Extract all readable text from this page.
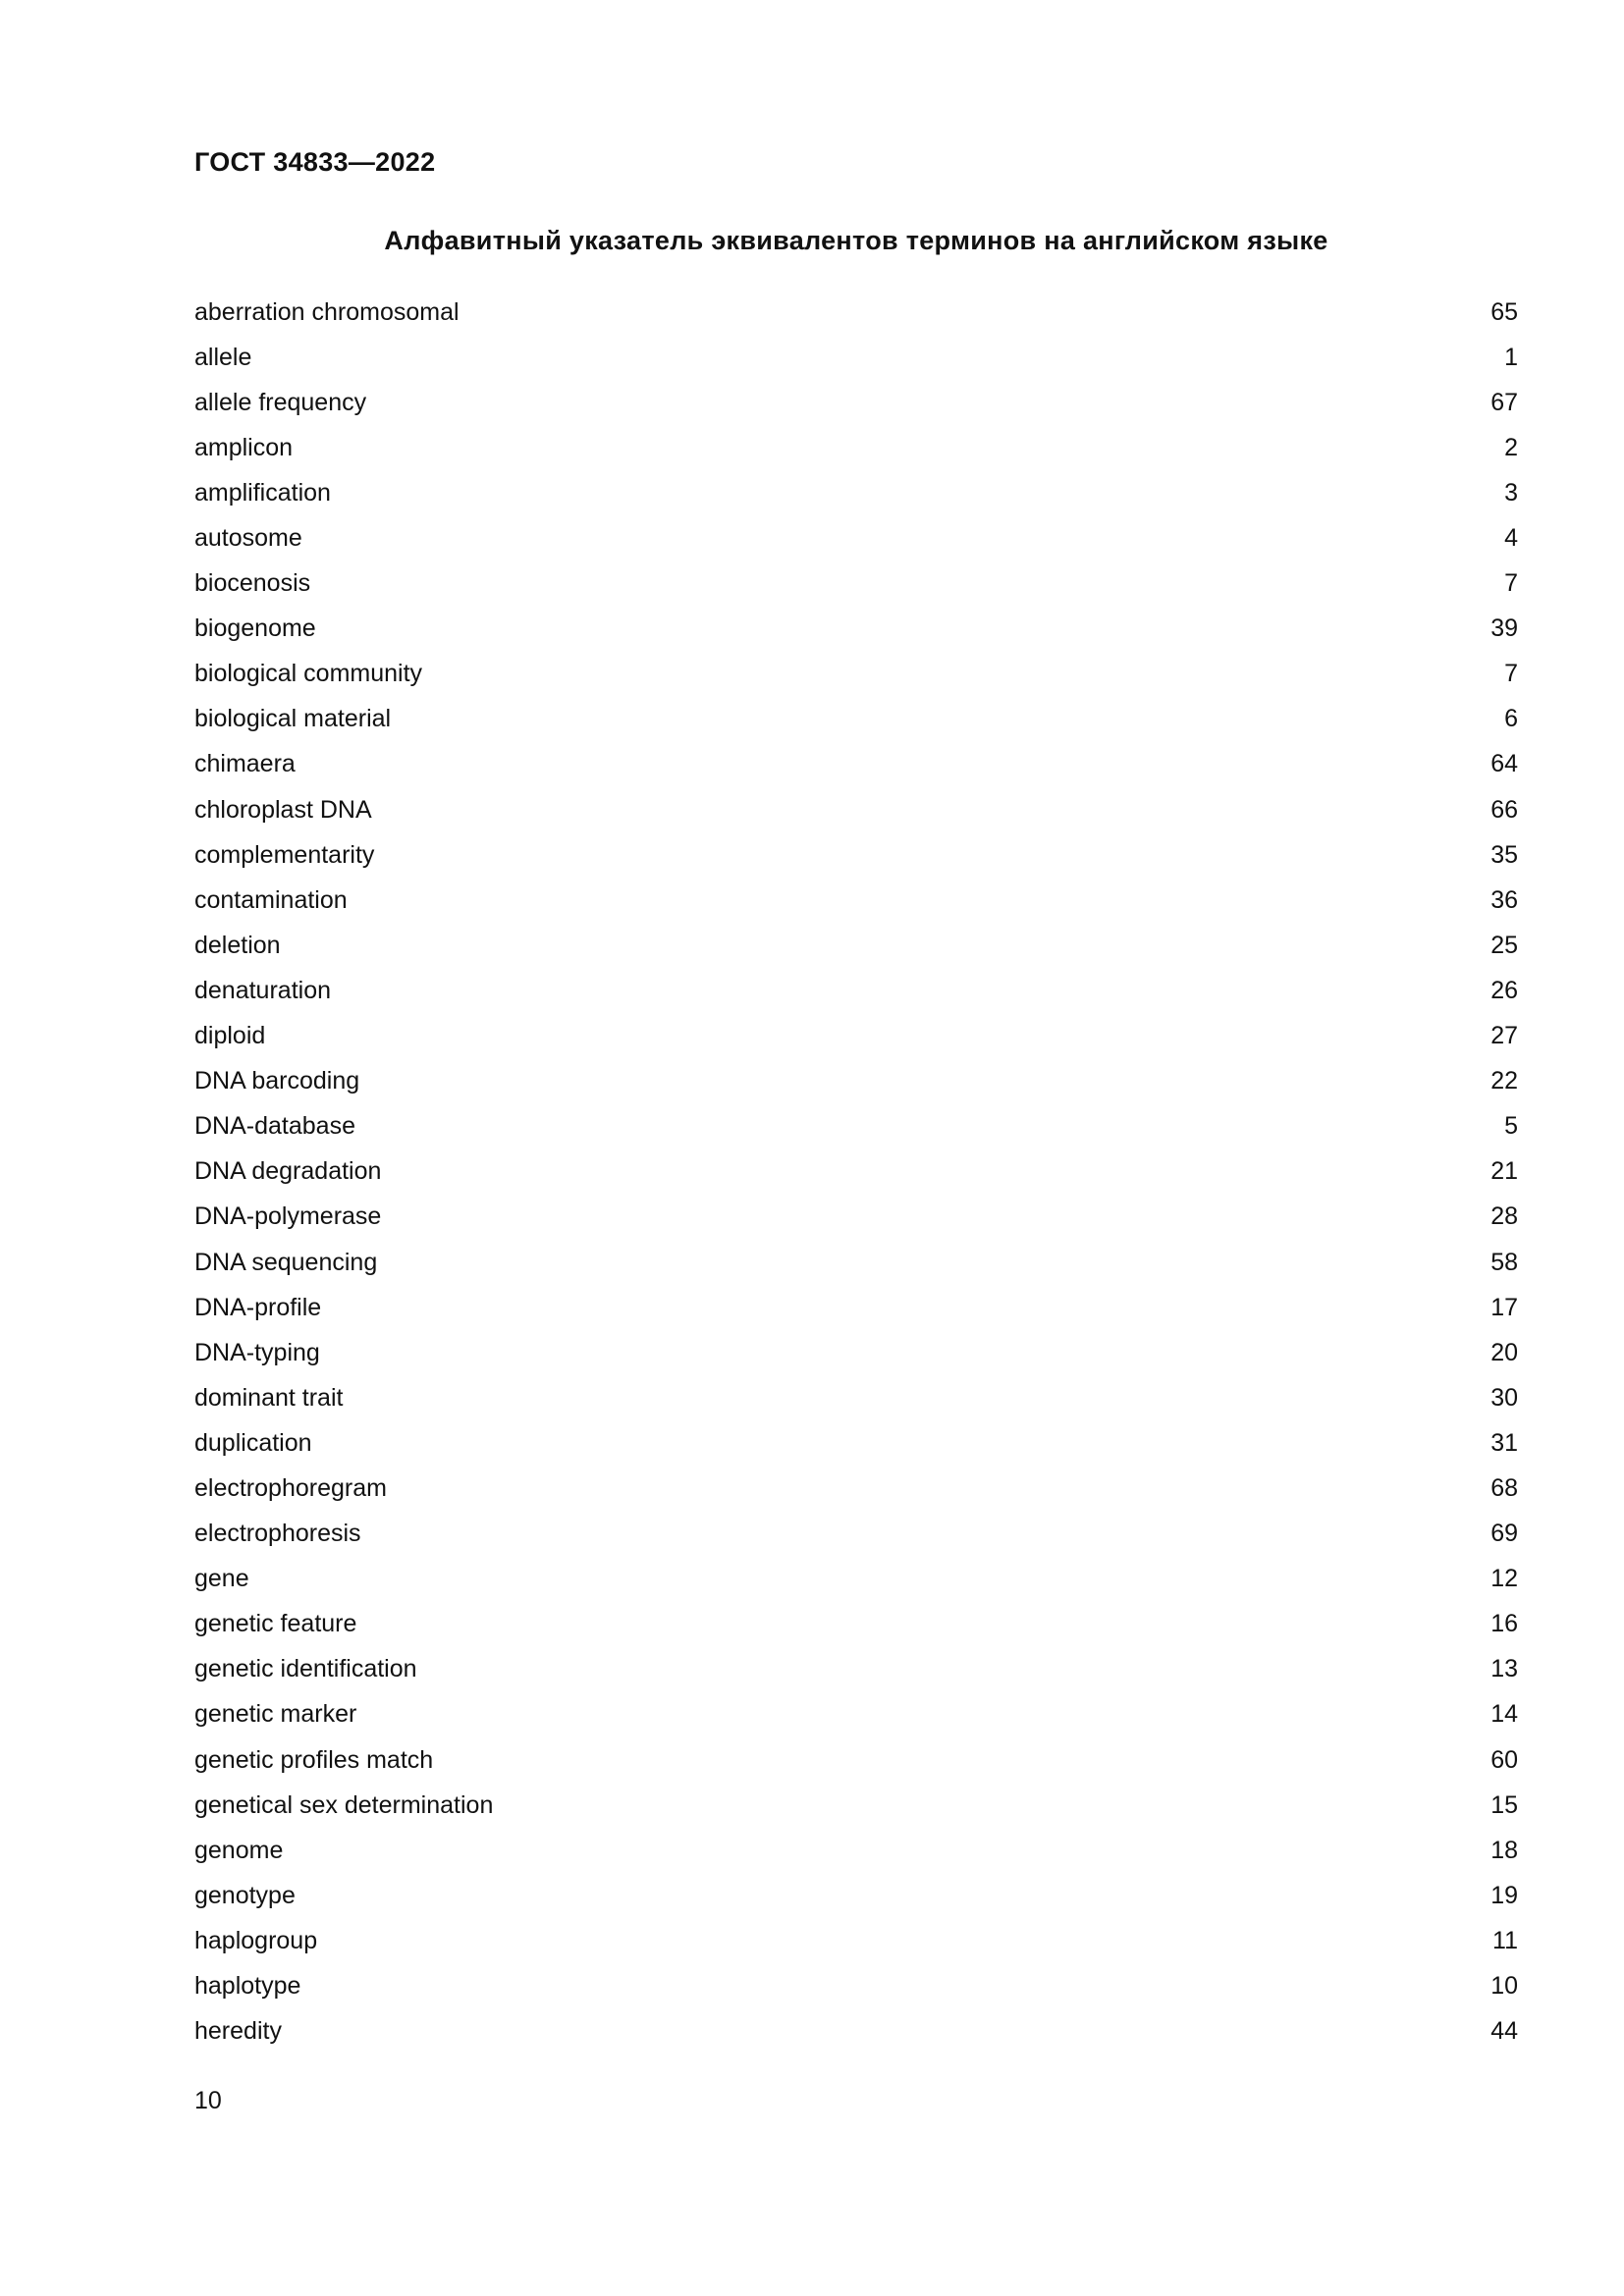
ГОСТ 34833—2022
Алфавитный указатель эквивалентов терминов на английском языке
aberration chromosomal	65
allele	1
allele frequency	67
amplicon	2
amplification	3
autosome	4
biocenosis	7
biogenome	39
biological community	7
biological material	6
chimaera	64
chloroplast DNA	66
complementarity	35
contamination	36
deletion	25
denaturation	26
diploid	27
DNA barcoding	22
DNA-database	5
DNA degradation	21
DNA-polymerase	28
DNA sequencing	58
DNA-profile	17
DNA-typing	20
dominant trait	30
duplication	31
electrophoregram	68
electrophoresis	69
gene	12
genetic feature	16
genetic identification	13
genetic marker	14
genetic profiles match	60
genetical sex determination	15
genome	18
genotype	19
haplogroup	11
haplotype	10
heredity	44
10
